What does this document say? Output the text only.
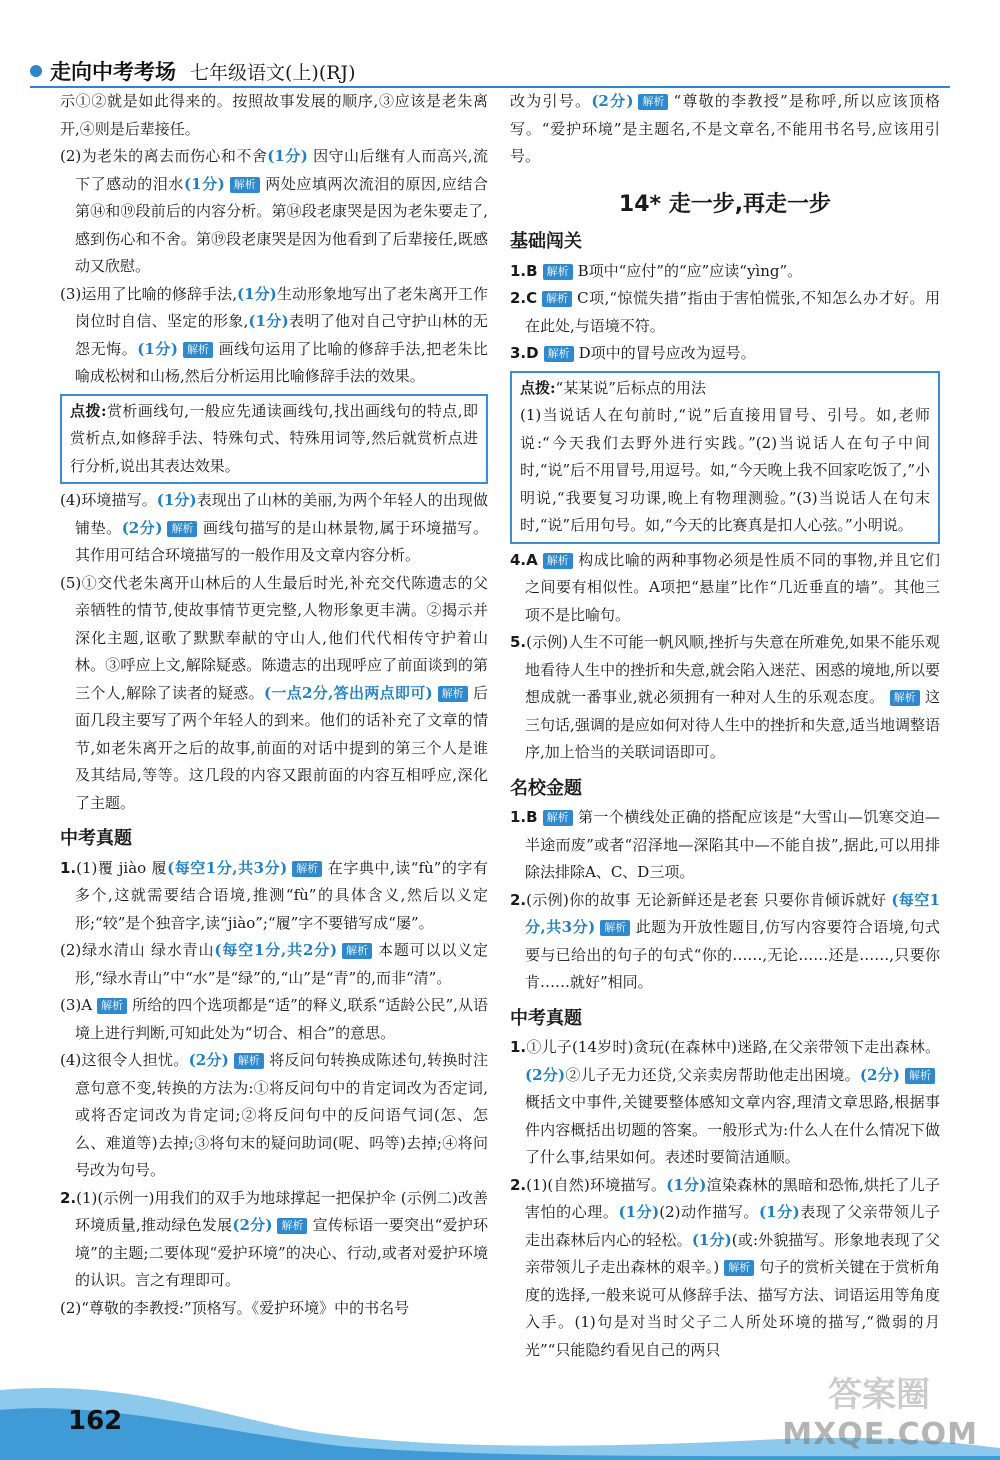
走向中考考场 七年级语文(上)(RJ)

示①②就是如此得来的。按照故事发展的顺序,③应该是老朱离开,④则是后辈接任。

(2)为老朱的离去而伤心和不舍(1分) 因守山后继有人而高兴,流下了感动的泪水(1分) 解析 两处应填两次流泪的原因,应结合第⑭和⑲段前后的内容分析。第⑭段老康哭是因为老朱要走了,感到伤心和不舍。第⑲段老康哭是因为他看到了后辈接任,既感动又欣慰。

(3)运用了比喻的修辞手法,(1分)生动形象地写出了老朱离开工作岗位时自信、坚定的形象,(1分)表明了他对自己守护山林的无怨无悔。(1分) 解析 画线句运用了比喻的修辞手法,把老朱比喻成松树和山杨,然后分析运用比喻修辞手法的效果。

点拨:赏析画线句,一般应先通读画线句,找出画线句的特点,即赏析点,如修辞手法、特殊句式、特殊用词等,然后就赏析点进行分析,说出其表达效果。

(4)环境描写。(1分)表现出了山林的美丽,为两个年轻人的出现做铺垫。(2分) 解析 画线句描写的是山林景物,属于环境描写。其作用可结合环境描写的一般作用及文章内容分析。

(5)①交代老朱离开山林后的人生最后时光,补充交代陈遗志的父亲牺牲的情节,使故事情节更完整,人物形象更丰满。②揭示并深化主题,讴歌了默默奉献的守山人,他们代代相传守护着山林。③呼应上文,解除疑惑。陈遗志的出现呼应了前面谈到的第三个人,解除了读者的疑惑。(一点2分,答出两点即可) 解析 后面几段主要写了两个年轻人的到来。他们的话补充了文章的情节,如老朱离开之后的故事,前面的对话中提到的第三个人是谁及其结局,等等。这几段的内容又跟前面的内容互相呼应,深化了主题。

中考真题

1.(1)覆 jiào 履(每空1分,共3分) 解析 在字典中,读“fù”的字有多个,这就需要结合语境,推测“fù”的具体含义,然后以义定形;“较”是个独音字,读“jiào”;“履”字不要错写成“屡”。

(2)绿水清山 绿水青山(每空1分,共2分) 解析 本题可以以义定形,“绿水青山”中“水”是“绿”的,“山”是“青”的,而非“清”。

(3)A 解析 所给的四个选项都是“适”的释义,联系“适龄公民”,从语境上进行判断,可知此处为“切合、相合”的意思。

(4)这很令人担忧。(2分) 解析 将反问句转换成陈述句,转换时注意句意不变,转换的方法为:①将反问句中的肯定词改为否定词,或将否定词改为肯定词;②将反问句中的反问语气词(怎、怎么、难道等)去掉;③将句末的疑问助词(呢、吗等)去掉;④将问号改为句号。

2.(1)(示例一)用我们的双手为地球撑起一把保护伞 (示例二)改善环境质量,推动绿色发展(2分) 解析 宣传标语一要突出“爱护环境”的主题;二要体现“爱护环境”的决心、行动,或者对爱护环境的认识。言之有理即可。

(2)“尊敬的李教授:”顶格写。《爱护环境》中的书名号

改为引号。(2分) 解析 “尊敬的李教授”是称呼,所以应该顶格写。“爱护环境”是主题名,不是文章名,不能用书名号,应该用引号。

14* 走一步,再走一步
基础闯关

1.B 解析 B项中“应付”的“应”应读“yìng”。

2.C 解析 C项,“惊慌失措”指由于害怕慌张,不知怎么办才好。用在此处,与语境不符。

3.D 解析 D项中的冒号应改为逗号。

点拨:“某某说”后标点的用法
(1)当说话人在句前时,“说”后直接用冒号、引号。如,老师说:“今天我们去野外进行实践。”(2)当说话人在句子中间时,“说”后不用冒号,用逗号。如,“今天晚上我不回家吃饭了,”小明说,“我要复习功课,晚上有物理测验。”(3)当说话人在句末时,“说”后用句号。如,“今天的比赛真是扣人心弦。”小明说。

4.A 解析 构成比喻的两种事物必须是性质不同的事物,并且它们之间要有相似性。A项把“悬崖”比作“几近垂直的墙”。其他三项不是比喻句。

5.(示例)人生不可能一帆风顺,挫折与失意在所难免,如果不能乐观地看待人生中的挫折和失意,就会陷入迷茫、困惑的境地,所以要想成就一番事业,就必须拥有一种对人生的乐观态度。 解析 这三句话,强调的是应如何对待人生中的挫折和失意,适当地调整语序,加上恰当的关联词语即可。

名校金题

1.B 解析 第一个横线处正确的搭配应该是“大雪山—饥寒交迫—半途而废”或者“沼泽地—深陷其中—不能自拔”,据此,可以用排除法排除A、C、D三项。

2.(示例)你的故事 无论新鲜还是老套 只要你肯倾诉就好 (每空1分,共3分) 解析 此题为开放性题目,仿写内容要符合语境,句式要与已给出的句子的句式“你的……,无论……还是……,只要你肯……就好”相同。

中考真题

1.①儿子(14岁时)贪玩(在森林中)迷路,在父亲带领下走出森林。(2分)②儿子无力还贷,父亲卖房帮助他走出困境。(2分) 解析概括文中事件,关键要整体感知文章内容,理清文章思路,根据事件内容概括出切题的答案。一般形式为:什么人在什么情况下做了什么事,结果如何。表述时要简洁通顺。

2.(1)(自然)环境描写。(1分)渲染森林的黑暗和恐怖,烘托了儿子害怕的心理。(1分)(2)动作描写。(1分)表现了父亲带领儿子走出森林后内心的轻松。(1分)(或:外貌描写。形象地表现了父亲带领儿子走出森林的艰辛。) 解析 句子的赏析关键在于赏析角度的选择,一般来说可从修辞手法、描写方法、词语运用等角度入手。(1)句是对当时父子二人所处环境的描写,“微弱的月光”“只能隐约看见自己的两只

162
答案圈
MXQE.COM
